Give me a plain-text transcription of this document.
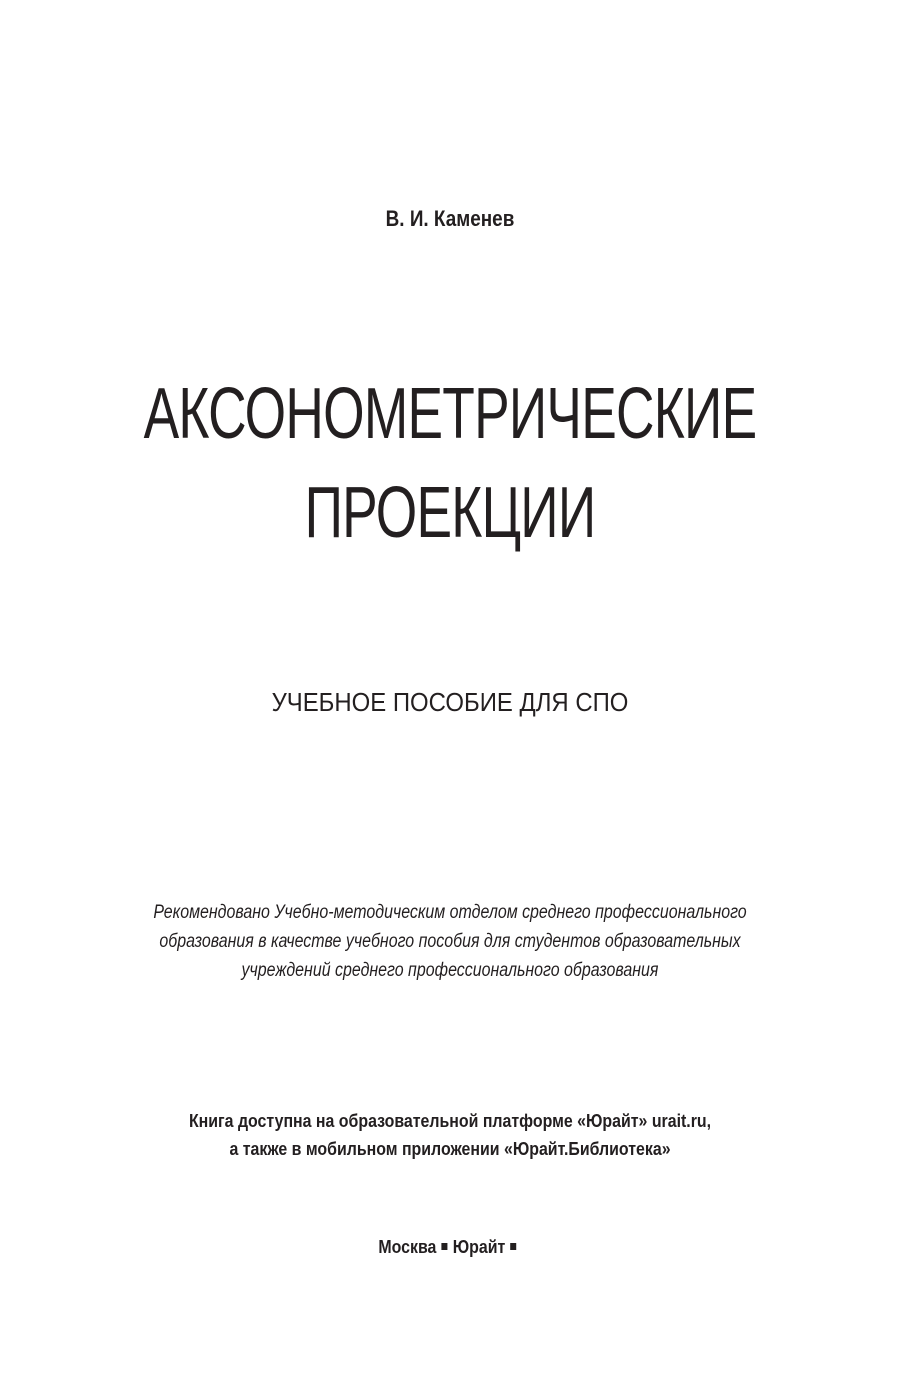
В. И. Каменев
АКСОНОМЕТРИЧЕСКИЕ
ПРОЕКЦИИ
УЧЕБНОЕ ПОСОБИЕ ДЛЯ СПО
Рекомендовано Учебно-методическим отделом среднего профессионального
образования в качестве учебного пособия для студентов образовательных
учреждений среднего профессионального образования
Книга доступна на образовательной платформе «Юрайт» urait.ru,
а также в мобильном приложении «Юрайт.Библиотека»
Москва Юрайт
